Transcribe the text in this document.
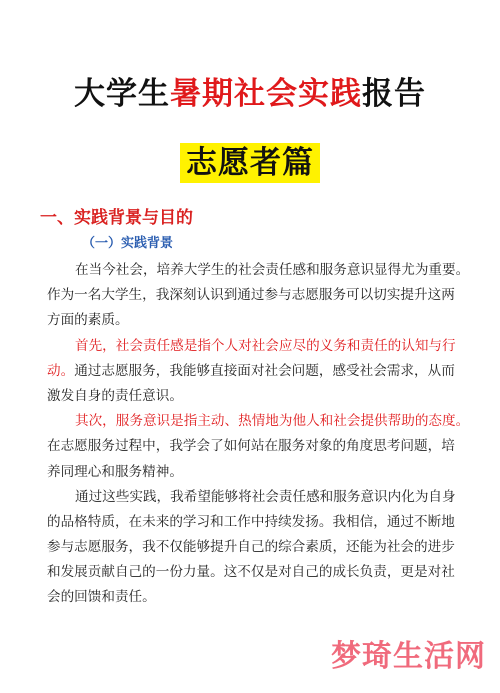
大学生暑期社会实践报告
志愿者篇
一、实践背景与目的
（一）实践背景
在当今社会，培养大学生的社会责任感和服务意识显得尤为重要。
作为一名大学生，我深刻认识到通过参与志愿服务可以切实提升这两
方面的素质。
首先，社会责任感是指个人对社会应尽的义务和责任的认知与行
动。通过志愿服务，我能够直接面对社会问题，感受社会需求，从而
激发自身的责任意识。
其次，服务意识是指主动、热情地为他人和社会提供帮助的态度。
在志愿服务过程中，我学会了如何站在服务对象的角度思考问题，培
养同理心和服务精神。
通过这些实践，我希望能够将社会责任感和服务意识内化为自身
的品格特质，在未来的学习和工作中持续发扬。我相信，通过不断地
参与志愿服务，我不仅能够提升自己的综合素质，还能为社会的进步
和发展贡献自己的一份力量。这不仅是对自己的成长负责，更是对社
会的回馈和责任。
梦琦生活网
